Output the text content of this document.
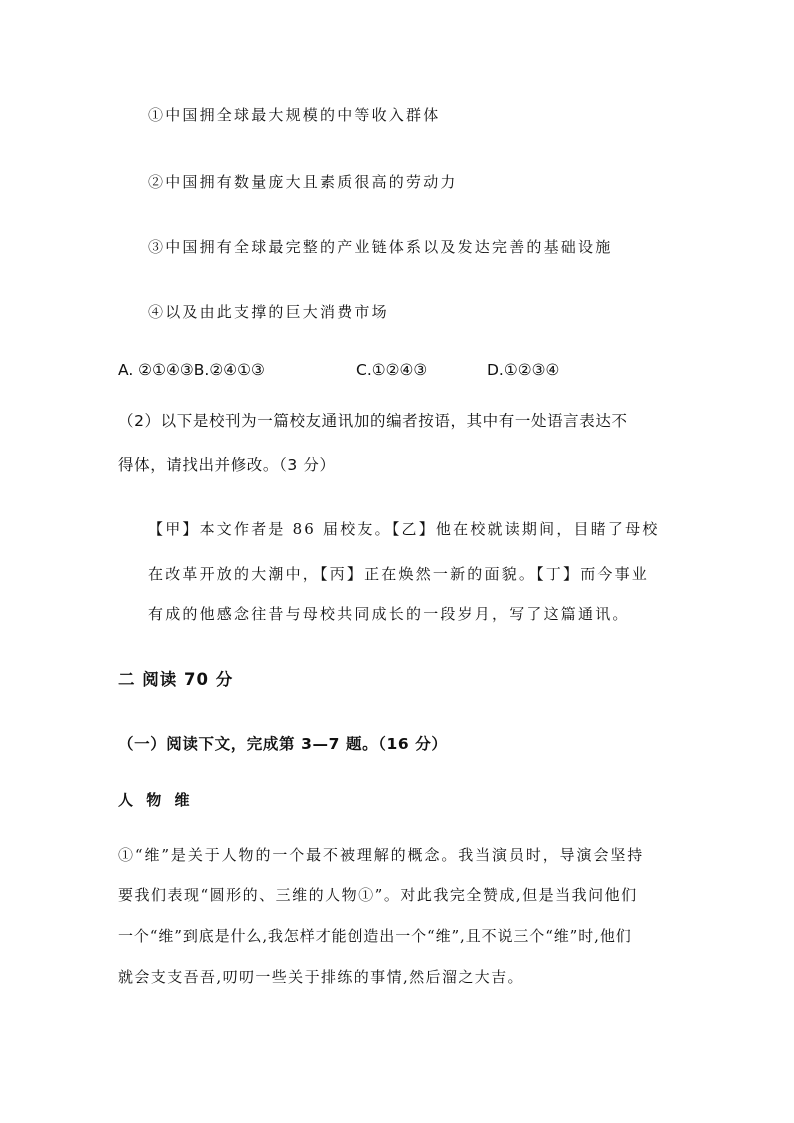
①中国拥全球最大规模的中等收入群体
②中国拥有数量庞大且素质很高的劳动力
③中国拥有全球最完整的产业链体系以及发达完善的基础设施
④以及由此支撑的巨大消费市场
A. ②①④③B.②④①③	C.①②④③	D.①②③④
（2）以下是校刊为一篇校友通讯加的编者按语，其中有一处语言表达不
得体，请找出并修改。（3 分）
【甲】本文作者是 86 届校友。【乙】他在校就读期间，目睹了母校
在改革开放的大潮中，【丙】正在焕然一新的面貌。【丁】而今事业
有成的他感念往昔与母校共同成长的一段岁月，写了这篇通讯。
二 阅读 70 分
（一）阅读下文，完成第 3—7 题。（16 分）
人 物 维
①“维”是关于人物的一个最不被理解的概念。我当演员时，导演会坚持
要我们表现“圆形的、三维的人物①”。对此我完全赞成,但是当我问他们
一个“维”到底是什么,我怎样才能创造出一个“维”,且不说三个“维”时,他们
就会支支吾吾,叨叨一些关于排练的事情,然后溜之大吉。
